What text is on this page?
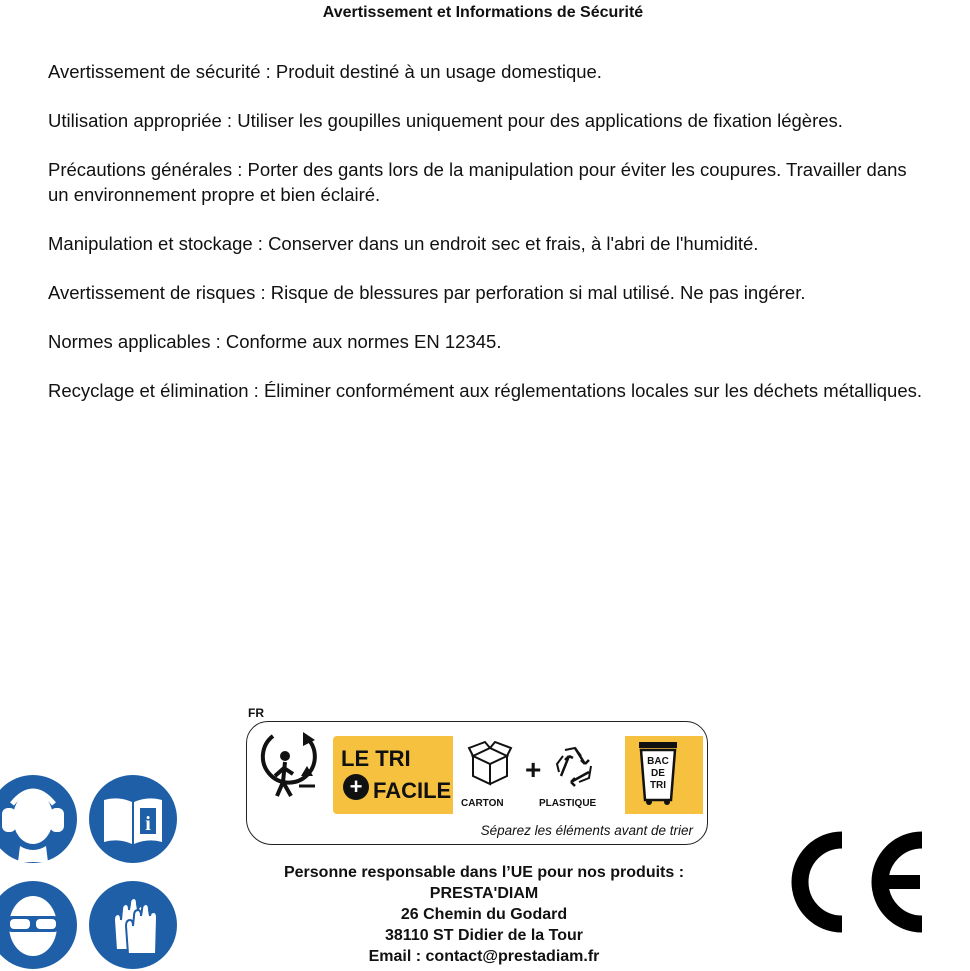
Avertissement et Informations de Sécurité

Avertissement de sécurité : Produit destiné à un usage domestique.

Utilisation appropriée : Utiliser les goupilles uniquement pour des applications de fixation légères.

Précautions générales : Porter des gants lors de la manipulation pour éviter les coupures. Travailler dans un environnement propre et bien éclairé.

Manipulation et stockage : Conserver dans un endroit sec et frais, à l'abri de l'humidité.

Avertissement de risques : Risque de blessures par perforation si mal utilisé. Ne pas ingérer.

Normes applicables : Conforme aux normes EN 12345.

Recyclage et élimination : Éliminer conformément aux réglementations locales sur les déchets métalliques.

i
FR
LE TRI
+ FACILE
+
CARTON	PLASTIQUE
BAC
DE
TRI
Séparez les éléments avant de trier
Personne responsable dans l’UE pour nos produits :
PRESTA'DIAM
26 Chemin du Godard
38110 ST Didier de la Tour
Email : contact@prestadiam.fr
